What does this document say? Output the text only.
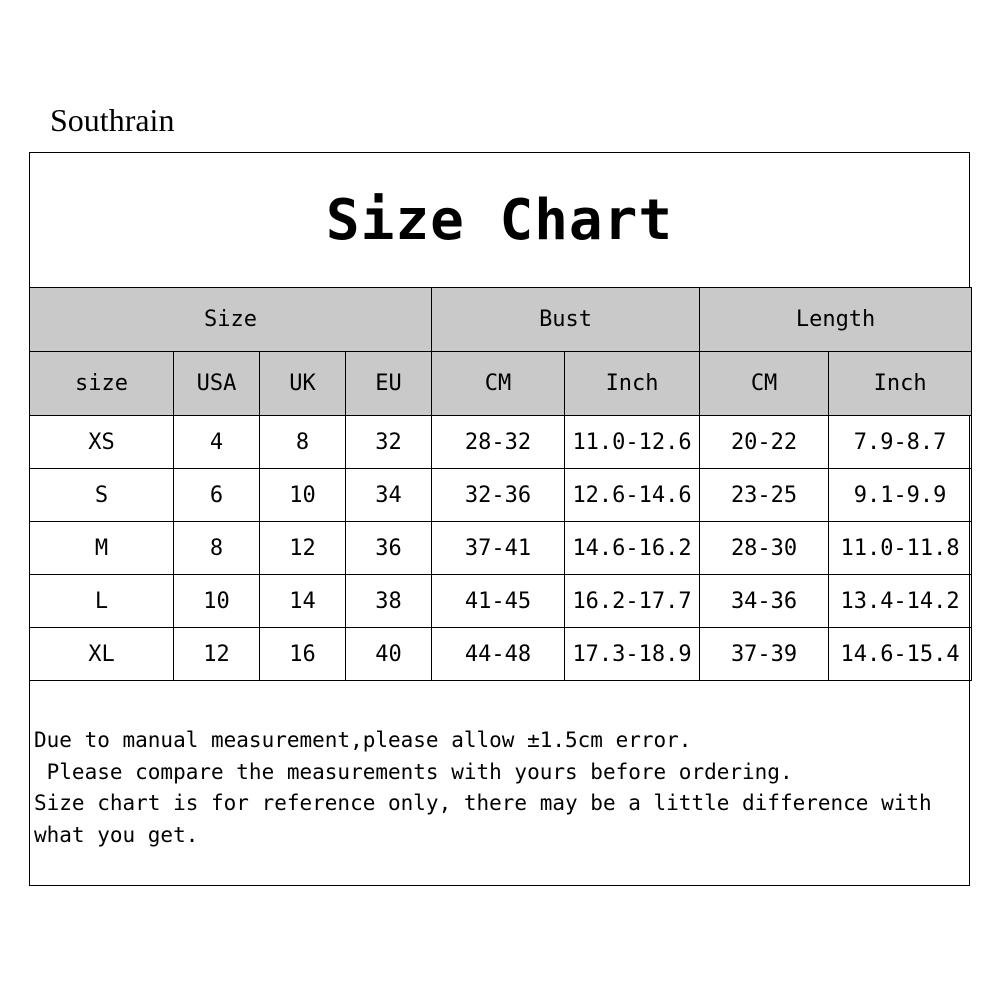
Southrain
Size Chart
Size				Bust		Length	
size	USA	UK	EU	CM	Inch	CM	Inch
XS	4	8	32	28-32	11.0-12.6	20-22	7.9-8.7
S	6	10	34	32-36	12.6-14.6	23-25	9.1-9.9
M	8	12	36	37-41	14.6-16.2	28-30	11.0-11.8
L	10	14	38	41-45	16.2-17.7	34-36	13.4-14.2
XL	12	16	40	44-48	17.3-18.9	37-39	14.6-15.4
Due to manual measurement,please allow ±1.5cm error.
Please compare the measurements with yours before ordering.
Size chart is for reference only, there may be a little difference with
what you get.
